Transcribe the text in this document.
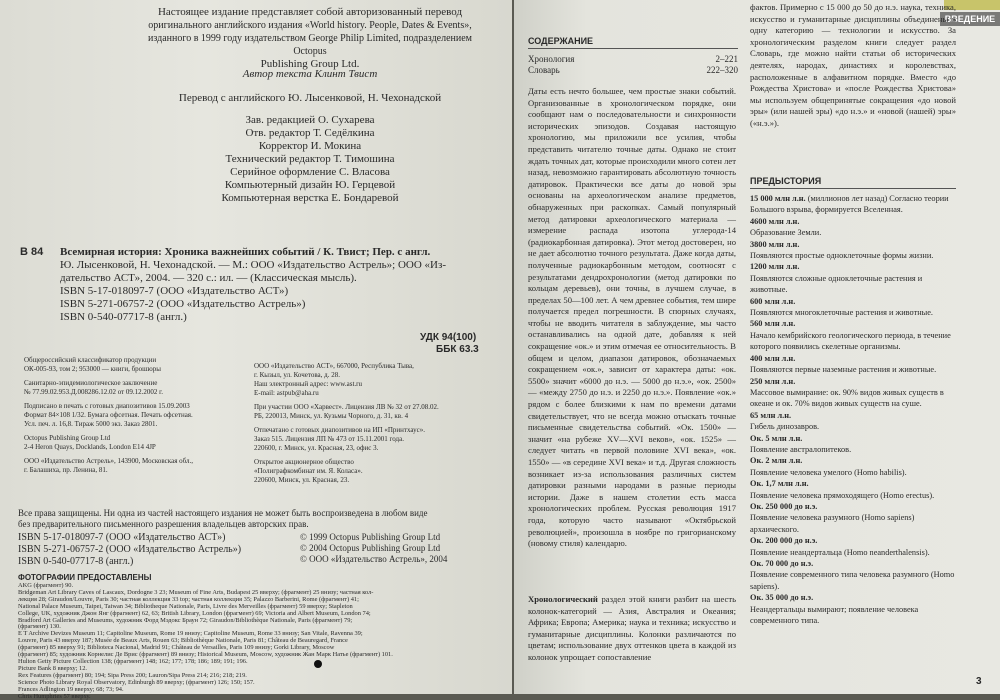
Настоящее издание представляет собой авторизованный перевод
оригинального английского издания «World history. People, Dates & Events»,
изданного в 1999 году издательством George Philip Limited, подразделением Octopus
Publishing Group Ltd.
Автор текста Клинт Твист
Перевод с английского Ю. Лысенковой, Н. Чехонадской
Зав. редакцией О. Сухарева
Отв. редактор Т. Седёлкина
Корректор И. Мокина
Технический редактор Т. Тимошина
Серийное оформление С. Власова
Компьютерный дизайн Ю. Герцевой
Компьютерная верстка Е. Бондаревой
В 84 Всемирная история: Хроника важнейших событий / К. Твист; Пер. с англ.
Ю. Лысенковой, Н. Чехонадской. — М.: ООО «Издательство Астрель»; ООО «Из-
дательство АСТ», 2004. — 320 с.: ил. — (Классическая мысль).
ISBN 5-17-018097-7 (ООО «Издательство АСТ»)
ISBN 5-271-06757-2 (ООО «Издательство Астрель»)
ISBN 0-540-07717-8 (англ.)
УДК 94(100)
ББК 63.3
Общероссийский классификатор продукции
ОК-005-93, том 2; 953000 — книги, брошюры
Санитарно-эпидемиологическое заключение
№ 77.99.02.953.Д.008286.12.02 от 09.12.2002 г.
Подписано в печать с готовых диапозитивов 15.09.2003
Формат 84×108 1/32. Бумага офсетная. Печать офсетная.
Усл. печ. л. 16,8. Тираж 5000 экз. Заказ 2801.
Octopus Publishing Group Ltd
2-4 Heron Quays, Docklands, London E14 4JP
ООО «Издательство Астрель», 143900, Московская обл.,
г. Балашиха, пр. Ленина, 81.
ООО «Издательство АСТ», 667000, Республика Тыва,
г. Кызыл, ул. Кочетова, д. 28.
Наш электронный адрес: www.ast.ru
E-mail: astpub@aha.ru
При участии ООО «Харвест». Лицензия ЛВ № 32 от 27.08.02.
РБ, 220013, Минск, ул. Кузьмы Чорного, д. 31, кв. 4
Отпечатано с готовых диапозитивов на ИП «Принтхаус».
Заказ 515. Лицензия ЛП № 473 от 15.11.2001 года.
220600, г. Минск, ул. Красная, 23, офис 3.
Открытое акционерное общество
«Полиграфкомбинат им. Я. Коласа».
220600, Минск, ул. Красная, 23.
Все права защищены. Ни одна из частей настоящего издания не может быть воспроизведена в любом виде
без предварительного письменного разрешения владельцев авторских прав.
ISBN 5-17-018097-7 (ООО «Издательство АСТ»)
ISBN 5-271-06757-2 (ООО «Издательство Астрель»)
ISBN 0-540-07717-8 (англ.)
© 1999 Octopus Publishing Group Ltd
© 2004 Octopus Publishing Group Ltd
© ООО «Издательство Астрель», 2004
ФОТОГРАФИИ ПРЕДОСТАВЛЕНЫ
AKG (фрагмент) 90.
Bridgeman Art Library Caves of Lascaux, Dordogne 3 23; Museum of Fine Arts, Budapest 25 вверху; (фрагмент) 25 внизу; частная кол-
лекция 28; Giraudon/Louvre, Paris 30; частная коллекция 33 top; частная коллекция 35; Palazzo Barberini, Rome (фрагмент) 41;
National Palace Museum, Taipei, Taiwan 34; Bibliotheque Nationale, Paris, Livre des Merveilles (фрагмент) 59 вверху; Stapleton
College, UK, художник Джон Янг (фрагмент) 62, 63; British Library, London (фрагмент) 69; Victoria and Albert Museum, London 74;
Bradford Art Galleries and Museums, художник Форд Мэдокс Браун 72; Giraudon/Bibliothèque Nationale, Paris (фрагмент) 79;
(фрагмент) 130.
E T Archive Devizes Museum 11; Capitoline Museum, Rome 19 внизу; Capitoline Museum, Rome 33 внизу; San Vitale, Ravenna 39;
Louvre, Paris 43 вверху 187; Musée de Beaux Arts, Rouen 63; Bibliothèque Nationale, Paris 81; Château de Beauregard, France
(фрагмент) 85 вверху 91; Biblioteca Nacional, Madrid 91; Château de Versailles, Paris 109 внизу; Gorki Library, Moscow
(фрагмент) 85; художник Корнелис Де Врис (фрагмент) 89 внизу; Historical Museum, Moscow, художник Жан Марк Натье (фрагмент) 101.
Hulton Getty Picture Collection 138; (фрагмент) 148; 162; 177; 178; 186; 189; 191; 196.
Picture Bank 8 вверху; 12.
Rex Features (фрагмент) 80; 194; Sipa Press 200; Lauron/Sipa Press 214; 216; 218; 219.
Science Photo Library Royal Observatory, Edinburgh 89 вверху; (фрагмент) 126; 150; 157.
Frances Adlington 19 вверху; 68; 73; 94.
Chris Humphries 57 вверху.
ВВЕДЕНИЕ
СОДЕРЖАНИЕ
Хронология	2–221
Словарь	222–320
Даты есть нечто большее, чем простые знаки событий. Организованные в хронологическом порядке, они сообщают нам о последовательности и синхронности исторических эпизодов. Создавая настоящую хронологию, мы приложили все усилия, чтобы представить читателю точные даты. Однако не стоит ждать точных дат, которые происходили много сотен лет назад, невозможно гарантировать абсолютную точность датировок. Практически все даты до новой эры основаны на археологическом анализе предметов, обнаруженных при раскопках. Самый популярный метод датировки археологического материала — измерение распада изотопа углерода-14 (радиокарбонная датировка). Этот метод достоверен, но не дает абсолютно точного результата. Даже когда даты, полученные радиокарбонным методом, соотносят с результатами дендрохронологии (метод датировки по кольцам деревьев), они точны, в лучшем случае, в пределах 50—100 лет. А чем древнее события, тем шире получается предел погрешности. В спорных случаях, чтобы не вводить читателя в заблуждение, мы часто останавливались на одной дате, добавляя к ней сокращение «ок.» и этим отмечая ее относительность. В общем и целом, диапазон датировок, обозначаемых сокращением «ок.», зависит от характера даты: «ок. 5500» значит «6000 до н.э. — 5000 до н.э.», «ок. 2500» — «между 2750 до н.э. и 2250 до н.э.». Появление «ок.» рядом с более близкими к нам по времени датами свидетельствует, что не всегда можно отыскать точные письменные свидетельства событий. «Ок. 1500» — значит «на рубеже XV—XVI веков», «ок. 1525» — следует читать «в первой половине XVI века», «ок. 1550» — «в середине XVI века» и т.д. Другая сложность возникает из-за использования различных систем датировки разными народами в разные периоды истории. Даже в нашем столетии есть масса хронологических проблем. Русская революция 1917 года, которую часто называют «Октябрьской революцией», произошла в ноябре по григорианскому (новому стиля) календарю.
Хронологический раздел этой книги разбит на шесть колонок-категорий — Азия, Австралия и Океания; Африка; Европа; Америка; наука и техника; искусство и гуманитарные дисциплины. Колонки различаются по цветам; использование двух оттенков цвета в каждой из колонок упрощает сопоставление
фактов. Примерно с 15 000 до 50 до н.э. наука, техника, искусство и гуманитарные дисциплины объединены в одну категорию — технологии и искусство. За хронологическим разделом книги следует раздел Словарь, где можно найти статьи об исторических деятелях, народах, династиях и королевствах, расположенные в алфавитном порядке. Вместо «до Рождества Христова» и «после Рождества Христова» мы используем общепринятые сокращения «до новой эры» (или нашей эры) «до н.э.» и «новой (нашей) эры» («н.э.»).
ПРЕДЫСТОРИЯ
15 000 млн л.н. (миллионов лет назад) Согласно теории Большого взрыва, формируется Вселенная.
4600 млн л.н.
Образование Земли.
3800 млн л.н.
Появляются простые одноклеточные формы жизни.
1200 млн л.н.
Появляются сложные одноклеточные растения и животные.
600 млн л.н.
Появляются многоклеточные растения и животные.
560 млн л.н.
Начало кембрийского геологического периода, в течение которого появились скелетные организмы.
400 млн л.н.
Появляются первые наземные растения и животные.
250 млн л.н.
Массовое вымирание: ок. 90% видов живых существ в океане и ок. 70% видов живых существ на суше.
65 млн л.н.
Гибель динозавров.
Ок. 5 млн л.н.
Появление австралопитеков.
Ок. 2 млн л.н.
Появление человека умелого (Homo habilis).
Ок. 1,7 млн л.н.
Появление человека прямоходящего (Homo erectus).
Ок. 250 000 до н.э.
Появление человека разумного (Homo sapiens) архаического.
Ок. 200 000 до н.э.
Появление неандертальца (Homo neanderthalensis).
Ок. 70 000 до н.э.
Появление современного типа человека разумного (Homo sapiens).
Ок. 35 000 до н.э.
Неандертальцы вымирают; появление человека современного типа.
3
